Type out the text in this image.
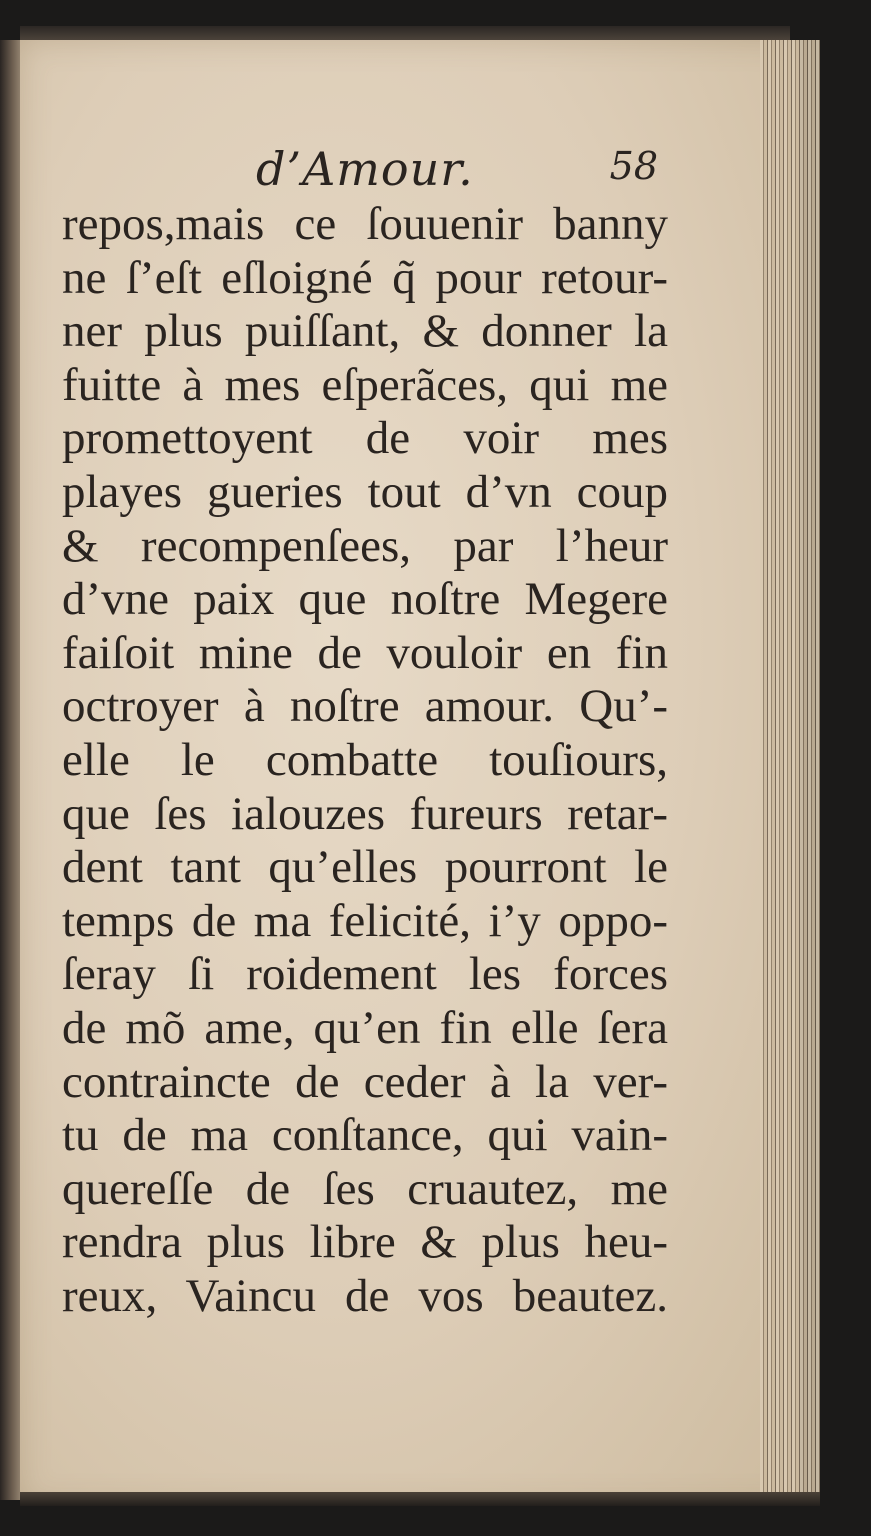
d’Amour.	58
repos,mais ce ſouuenir banny
ne ſ’eſt eſloigné q̃ pour retour-
ner plus puiſſant, & donner la
fuitte à mes eſperãces, qui me
promettoyent de voir mes
playes gueries tout d’vn coup
& recompenſees, par l’heur
d’vne paix que noſtre Megere
faiſoit mine de vouloir en fin
octroyer à noſtre amour. Qu’-
elle le combatte touſiours,
que ſes ialouzes fureurs retar-
dent tant qu’elles pourront le
temps de ma felicité, i’y oppo-
ſeray ſi roidement les forces
de mõ ame, qu’en fin elle ſera
contraincte de ceder à la ver-
tu de ma conſtance, qui vain-
quereſſe de ſes cruautez, me
rendra plus libre & plus heu-
reux, Vaincu de vos beautez.
